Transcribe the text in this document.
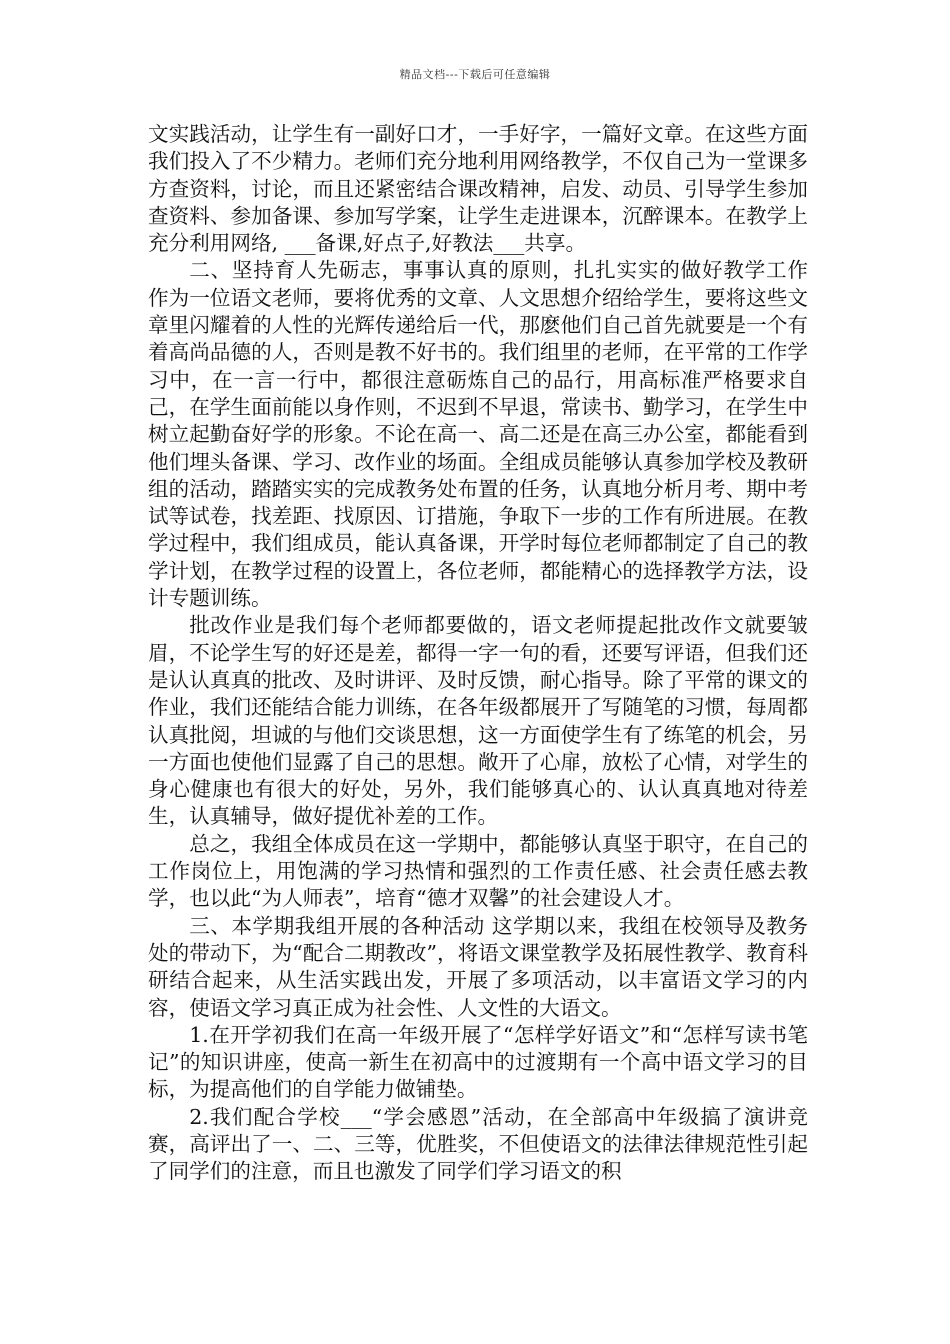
精品文档---下载后可任意编辑

文实践活动，让学生有一副好口才，一手好字，一篇好文章。在这些方面我们投入了不少精力。老师们充分地利用网络教学，不仅自己为一堂课多方查资料，讨论，而且还紧密结合课改精神，启发、动员、引导学生参加查资料、参加备课、参加写学案，让学生走进课本，沉醉课本。在教学上充分利用网络, ___备课,好点子,好教法___共享。

二、坚持育人先砺志，事事认真的原则，扎扎实实的做好教学工作 作为一位语文老师，要将优秀的文章、人文思想介绍给学生，要将这些文章里闪耀着的人性的光辉传递给后一代，那麽他们自己首先就要是一个有着高尚品德的人，否则是教不好书的。我们组里的老师，在平常的工作学习中，在一言一行中，都很注意砺炼自己的品行，用高标准严格要求自己，在学生面前能以身作则，不迟到不早退，常读书、勤学习，在学生中树立起勤奋好学的形象。不论在高一、高二还是在高三办公室，都能看到他们埋头备课、学习、改作业的场面。全组成员能够认真参加学校及教研组的活动，踏踏实实的完成教务处布置的任务，认真地分析月考、期中考试等试卷，找差距、找原因、订措施，争取下一步的工作有所进展。在教学过程中，我们组成员，能认真备课，开学时每位老师都制定了自己的教学计划，在教学过程的设置上，各位老师，都能精心的选择教学方法，设计专题训练。

批改作业是我们每个老师都要做的，语文老师提起批改作文就要皱眉，不论学生写的好还是差，都得一字一句的看，还要写评语，但我们还是认认真真的批改、及时讲评、及时反馈，耐心指导。除了平常的课文的作业，我们还能结合能力训练，在各年级都展开了写随笔的习惯，每周都认真批阅，坦诚的与他们交谈思想，这一方面使学生有了练笔的机会，另一方面也使他们显露了自己的思想。敞开了心扉，放松了心情，对学生的身心健康也有很大的好处，另外，我们能够真心的、认认真真地对待差生，认真辅导，做好提优补差的工作。

总之，我组全体成员在这一学期中，都能够认真坚于职守，在自己的工作岗位上，用饱满的学习热情和强烈的工作责任感、社会责任感去教学，也以此“为人师表”，培育“德才双馨”的社会建设人才。

三、本学期我组开展的各种活动 这学期以来，我组在校领导及教务处的带动下，为“配合二期教改”，将语文课堂教学及拓展性教学、教育科研结合起来，从生活实践出发，开展了多项活动，以丰富语文学习的内容，使语文学习真正成为社会性、人文性的大语文。

1.在开学初我们在高一年级开展了“怎样学好语文”和“怎样写读书笔记”的知识讲座，使高一新生在初高中的过渡期有一个高中语文学习的目标，为提高他们的自学能力做铺垫。

2.我们配合学校___“学会感恩”活动，在全部高中年级搞了演讲竞赛，高评出了一、二、三等，优胜奖，不但使语文的法律法律规范性引起了同学们的注意，而且也激发了同学们学习语文的积
